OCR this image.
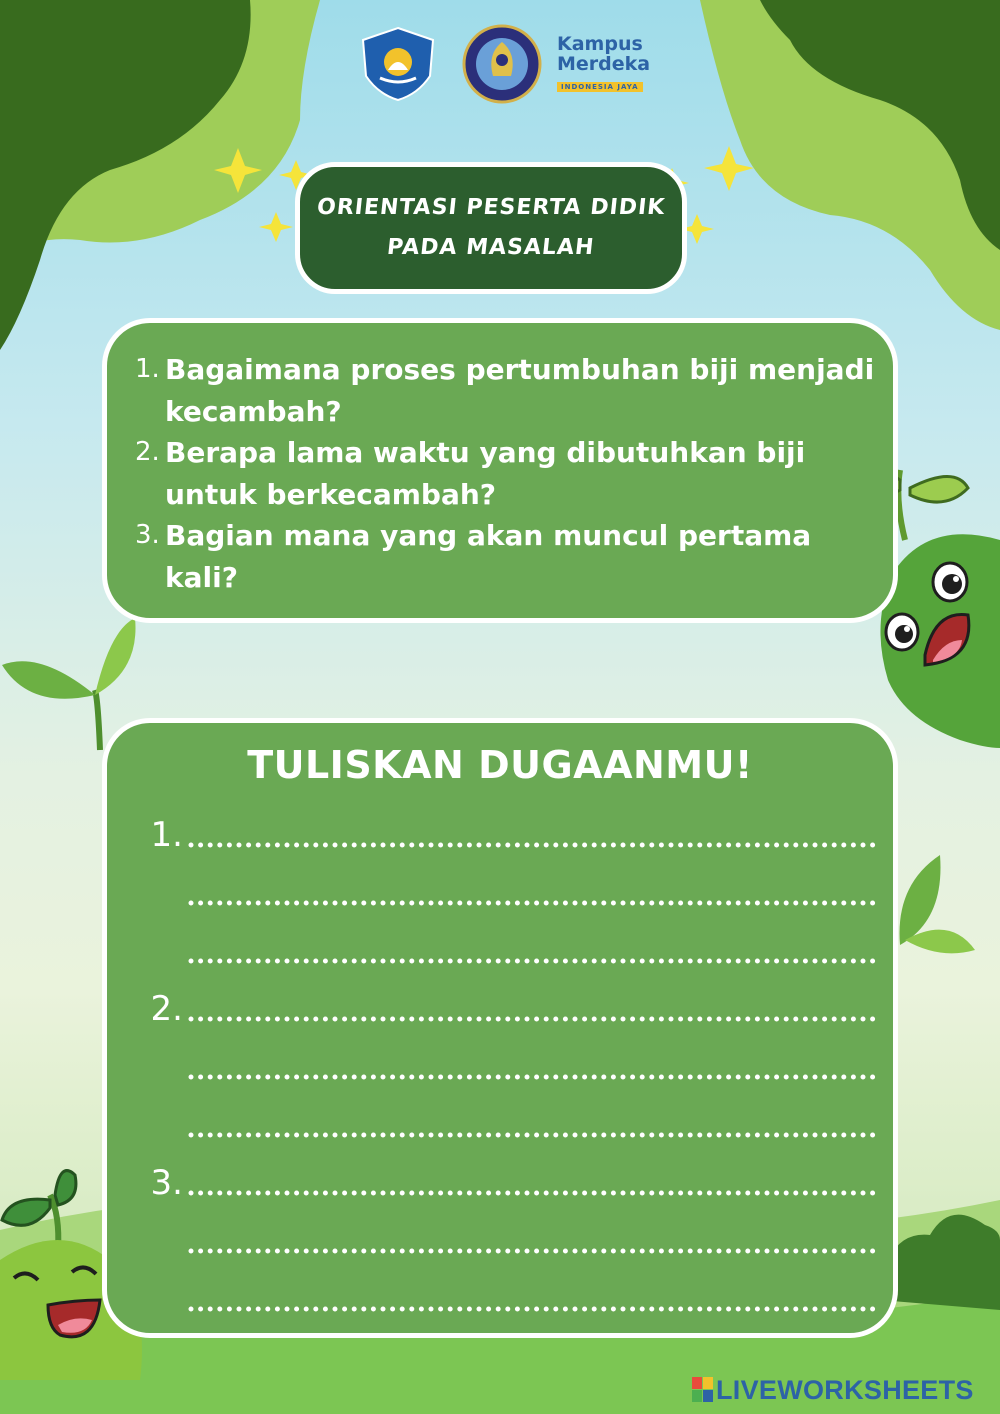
Kampus
Merdeka
INDONESIA JAYA
ORIENTASI PESERTA DIDIK
PADA MASALAH
1. Bagaimana proses pertumbuhan biji menjadi kecambah?
2. Berapa lama waktu yang dibutuhkan biji untuk berkecambah?
3. Bagian mana yang akan muncul pertama kali?
TULISKAN DUGAANMU!
1.
2.
3.
LIVEWORKSHEETS
